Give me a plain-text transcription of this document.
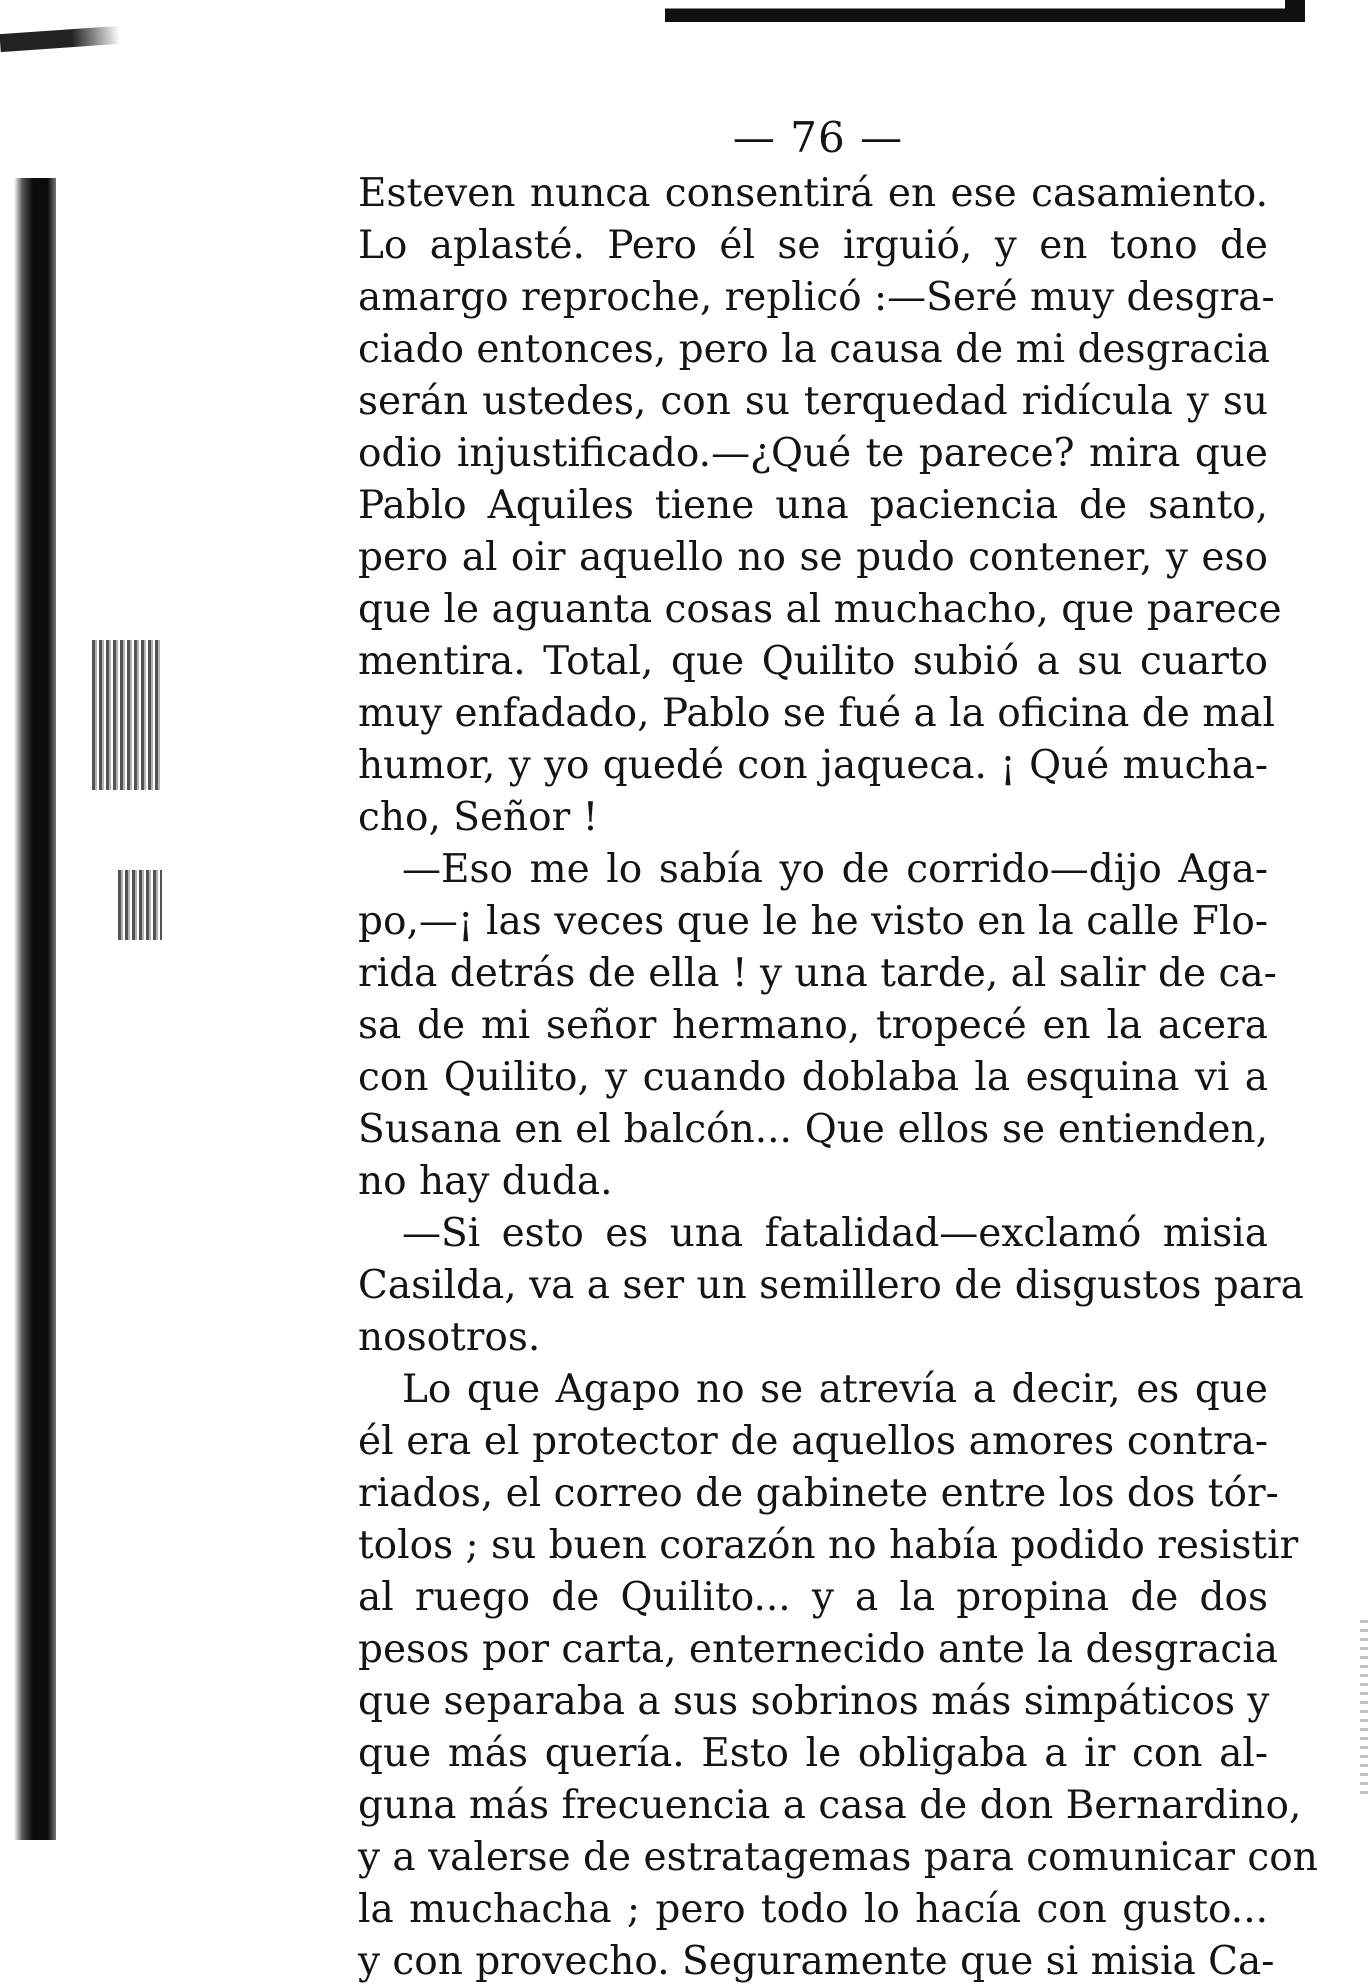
— 76 —
Esteven nunca consentirá en ese casamiento.
Lo aplasté. Pero él se irguió, y en tono de
amargo reproche, replicó :—Seré muy desgra-
ciado entonces, pero la causa de mi desgracia
serán ustedes, con su terquedad ridícula y su
odio injustificado.—¿Qué te parece? mira que
Pablo Aquiles tiene una paciencia de santo,
pero al oir aquello no se pudo contener, y eso
que le aguanta cosas al muchacho, que parece
mentira. Total, que Quilito subió a su cuarto
muy enfadado, Pablo se fué a la oficina de mal
humor, y yo quedé con jaqueca. ¡ Qué mucha-
cho, Señor !
—Eso me lo sabía yo de corrido—dijo Aga-
po,—¡ las veces que le he visto en la calle Flo-
rida detrás de ella ! y una tarde, al salir de ca-
sa de mi señor hermano, tropecé en la acera
con Quilito, y cuando doblaba la esquina vi a
Susana en el balcón... Que ellos se entienden,
no hay duda.
—Si esto es una fatalidad—exclamó misia
Casilda, va a ser un semillero de disgustos para
nosotros.
Lo que Agapo no se atrevía a decir, es que
él era el protector de aquellos amores contra-
riados, el correo de gabinete entre los dos tór-
tolos ; su buen corazón no había podido resistir
al ruego de Quilito... y a la propina de dos
pesos por carta, enternecido ante la desgracia
que separaba a sus sobrinos más simpáticos y
que más quería. Esto le obligaba a ir con al-
guna más frecuencia a casa de don Bernardino,
y a valerse de estratagemas para comunicar con
la muchacha ; pero todo lo hacía con gusto...
y con provecho. Seguramente que si misia Ca-
